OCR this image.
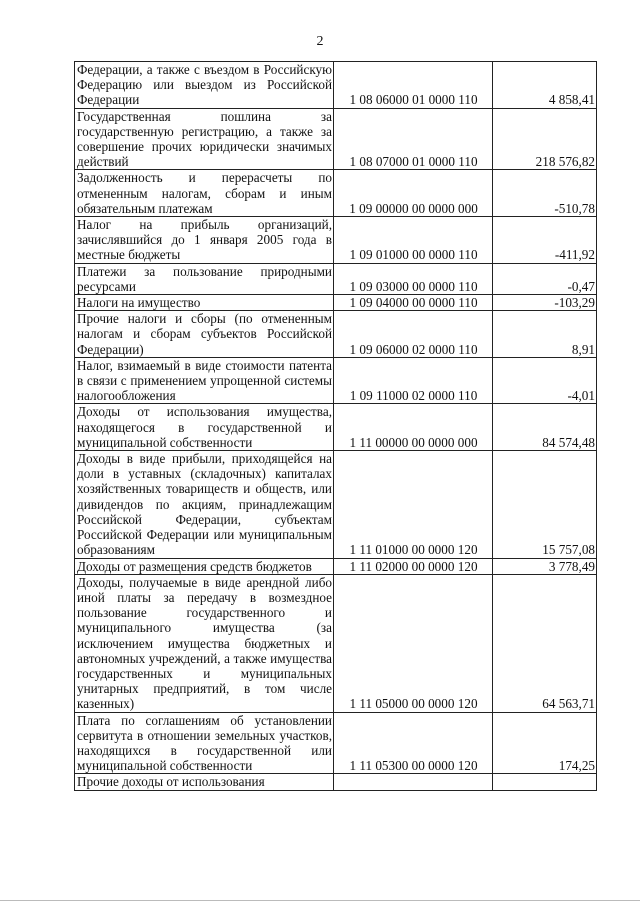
2
Федерации, а также с въездом в Российскую Федерацию или выездом из Российской Федерации	1 08 06000 01 0000 110	4 858,41
Государственная пошлина за государственную регистрацию, а также за совершение прочих юридически значимых действий	1 08 07000 01 0000 110	218 576,82
Задолженность и перерасчеты по отмененным налогам, сборам и иным обязательным платежам	1 09 00000 00 0000 000	-510,78
Налог на прибыль организаций, зачислявшийся до 1 января 2005 года в местные бюджеты	1 09 01000 00 0000 110	-411,92
Платежи за пользование природными ресурсами	1 09 03000 00 0000 110	-0,47
Налоги на имущество	1 09 04000 00 0000 110	-103,29
Прочие налоги и сборы (по отмененным налогам и сборам субъектов Российской Федерации)	1 09 06000 02 0000 110	8,91
Налог, взимаемый в виде стоимости патента в связи с применением упрощенной системы налогообложения	1 09 11000 02 0000 110	-4,01
Доходы от использования имущества, находящегося в государственной и муниципальной собственности	1 11 00000 00 0000 000	84 574,48
Доходы в виде прибыли, приходящейся на доли в уставных (складочных) капиталах хозяйственных товариществ и обществ, или дивидендов по акциям, принадлежащим Российской Федерации, субъектам Российской Федерации или муниципальным образованиям	1 11 01000 00 0000 120	15 757,08
Доходы от размещения средств бюджетов	1 11 02000 00 0000 120	3 778,49
Доходы, получаемые в виде арендной либо иной платы за передачу в возмездное пользование государственного и муниципального имущества (за исключением имущества бюджетных и автономных учреждений, а также имущества государственных и муниципальных унитарных предприятий, в том числе казенных)	1 11 05000 00 0000 120	64 563,71
Плата по соглашениям об установлении сервитута в отношении земельных участков, находящихся в государственной или муниципальной собственности	1 11 05300 00 0000 120	174,25
Прочие доходы от использования		
